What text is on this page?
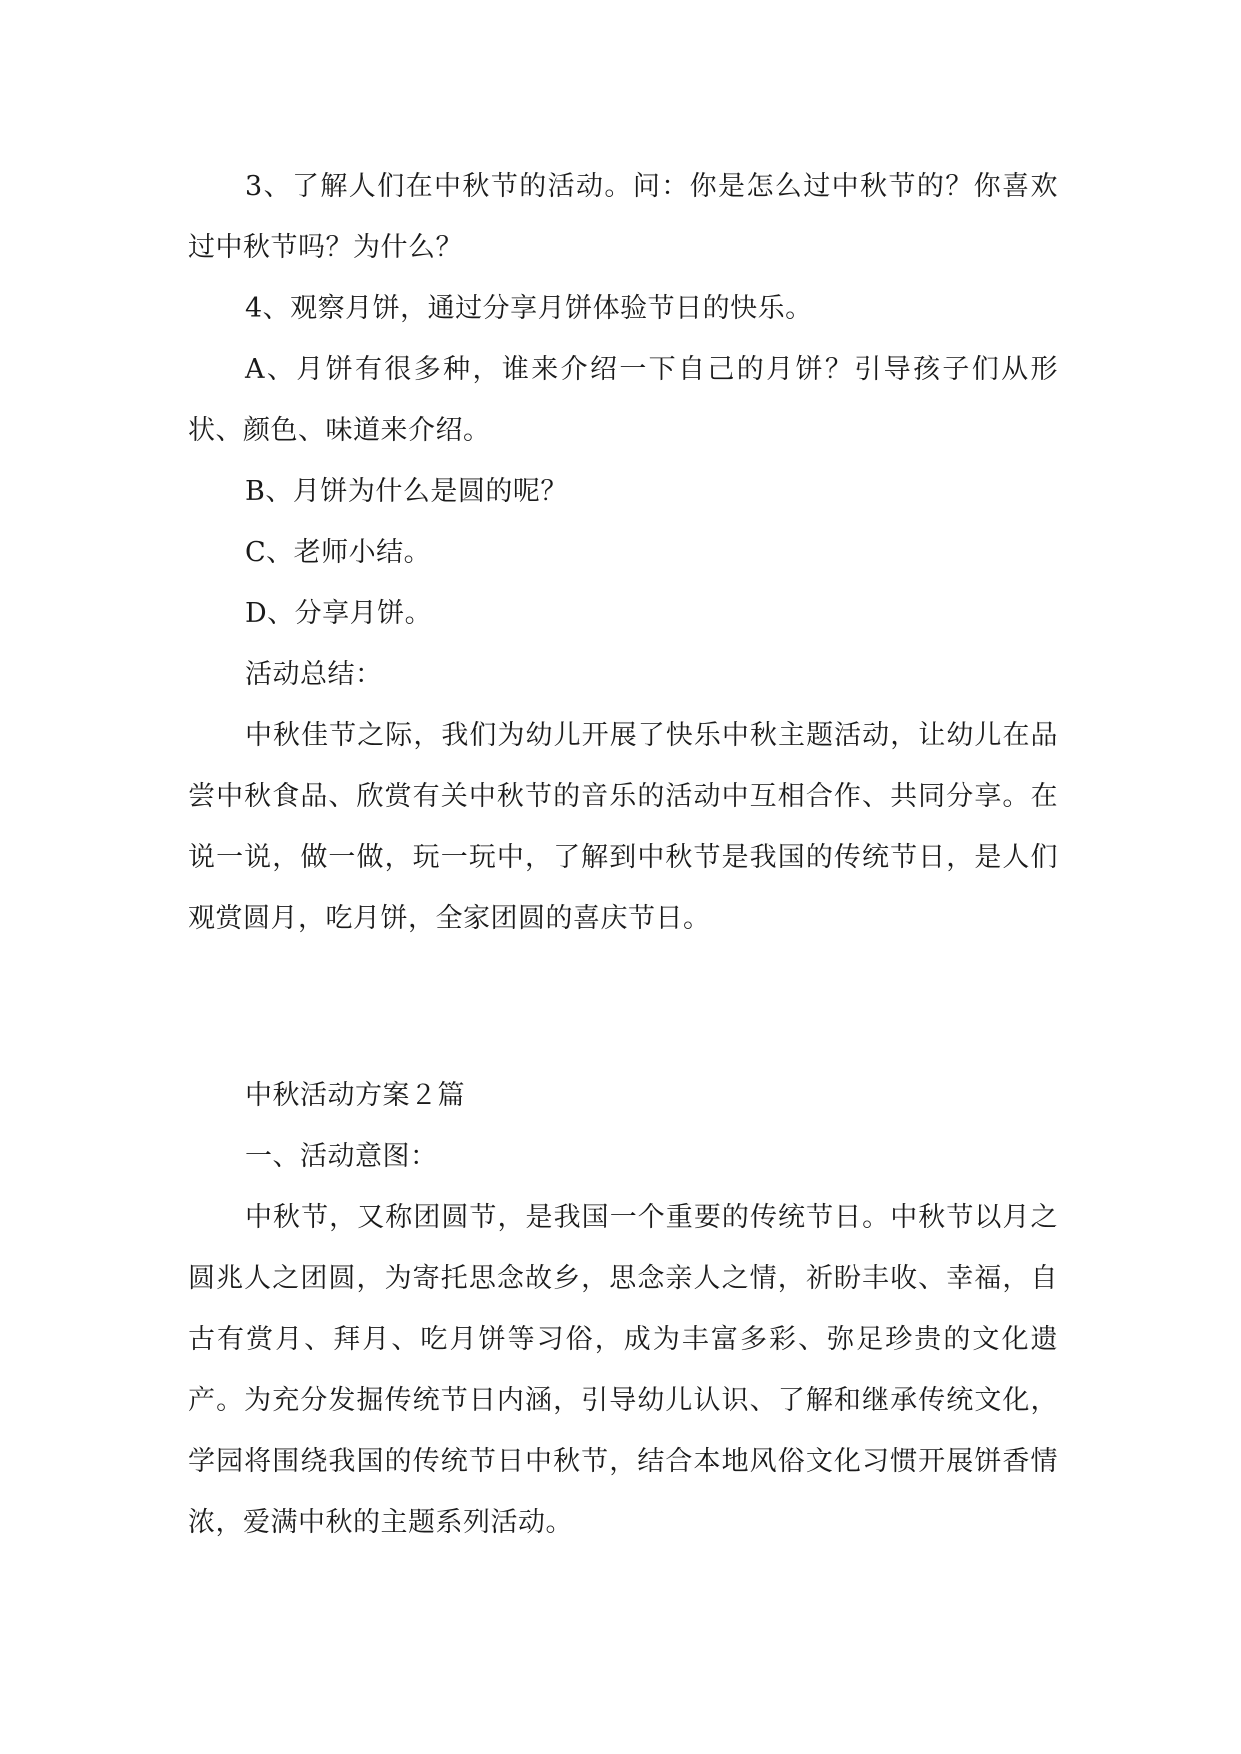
3、了解人们在中秋节的活动。问：你是怎么过中秋节的？你喜欢过中秋节吗？为什么？

4、观察月饼，通过分享月饼体验节日的快乐。

A、月饼有很多种，谁来介绍一下自己的月饼？引导孩子们从形状、颜色、味道来介绍。

B、月饼为什么是圆的呢？

C、老师小结。

D、分享月饼。

活动总结：

中秋佳节之际，我们为幼儿开展了快乐中秋主题活动，让幼儿在品尝中秋食品、欣赏有关中秋节的音乐的活动中互相合作、共同分享。在说一说，做一做，玩一玩中，了解到中秋节是我国的传统节日，是人们观赏圆月，吃月饼，全家团圆的喜庆节日。

中秋活动方案２篇

一、活动意图：

中秋节，又称团圆节，是我国一个重要的传统节日。中秋节以月之圆兆人之团圆，为寄托思念故乡，思念亲人之情，祈盼丰收、幸福，自古有赏月、拜月、吃月饼等习俗，成为丰富多彩、弥足珍贵的文化遗产。为充分发掘传统节日内涵，引导幼儿认识、了解和继承传统文化，学园将围绕我国的传统节日中秋节，结合本地风俗文化习惯开展饼香情浓，爱满中秋的主题系列活动。
